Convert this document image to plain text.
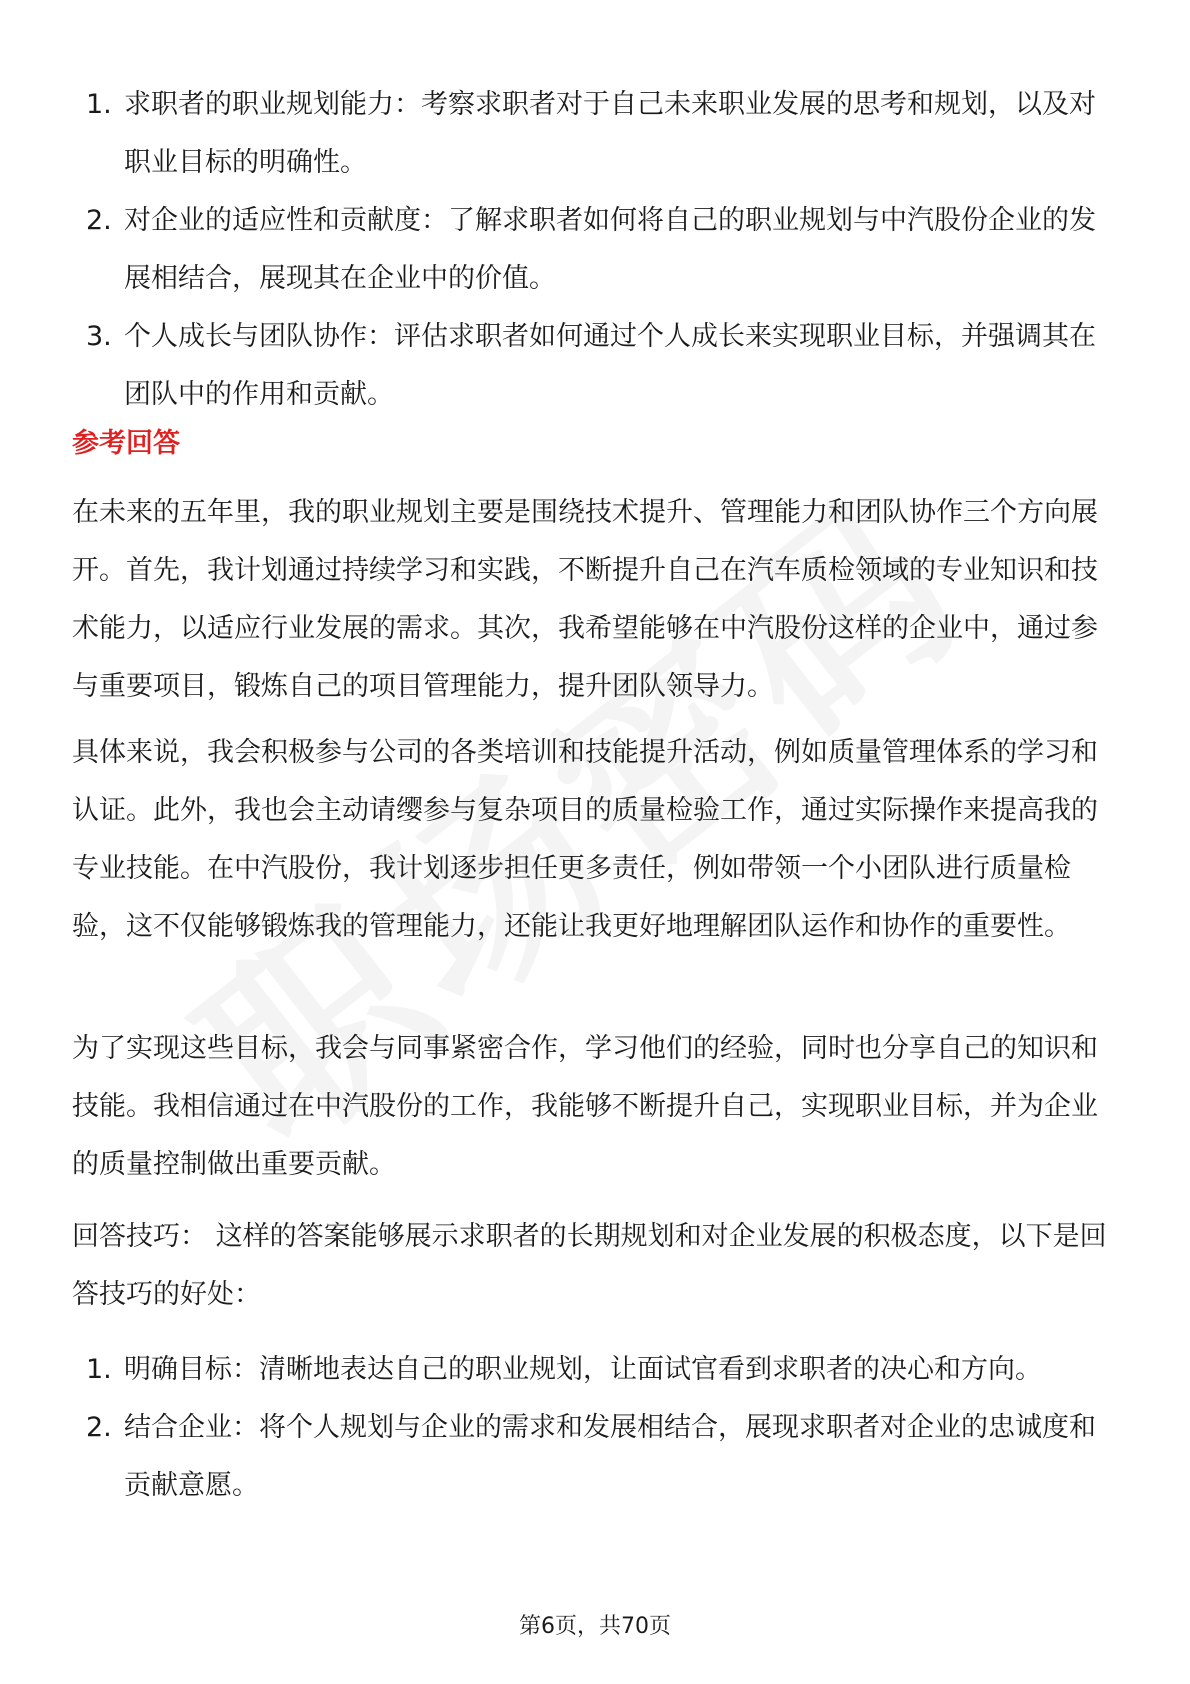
1. 求职者的职业规划能力：考察求职者对于自己未来职业发展的思考和规划，以及对职业目标的明确性。
2. 对企业的适应性和贡献度：了解求职者如何将自己的职业规划与中汽股份企业的发展相结合，展现其在企业中的价值。
3. 个人成长与团队协作：评估求职者如何通过个人成长来实现职业目标，并强调其在团队中的作用和贡献。
参考回答

在未来的五年里，我的职业规划主要是围绕技术提升、管理能力和团队协作三个方向展开。首先，我计划通过持续学习和实践，不断提升自己在汽车质检领域的专业知识和技术能力，以适应行业发展的需求。其次，我希望能够在中汽股份这样的企业中，通过参与重要项目，锻炼自己的项目管理能力，提升团队领导力。

具体来说，我会积极参与公司的各类培训和技能提升活动，例如质量管理体系的学习和认证。此外，我也会主动请缨参与复杂项目的质量检验工作，通过实际操作来提高我的专业技能。在中汽股份，我计划逐步担任更多责任，例如带领一个小团队进行质量检验，这不仅能够锻炼我的管理能力，还能让我更好地理解团队运作和协作的重要性。

为了实现这些目标，我会与同事紧密合作，学习他们的经验，同时也分享自己的知识和技能。我相信通过在中汽股份的工作，我能够不断提升自己，实现职业目标，并为企业的质量控制做出重要贡献。

回答技巧： 这样的答案能够展示求职者的长期规划和对企业发展的积极态度，以下是回答技巧的好处：

1. 明确目标：清晰地表达自己的职业规划，让面试官看到求职者的决心和方向。
2. 结合企业：将个人规划与企业的需求和发展相结合，展现求职者对企业的忠诚度和贡献意愿。
第6页，共70页
